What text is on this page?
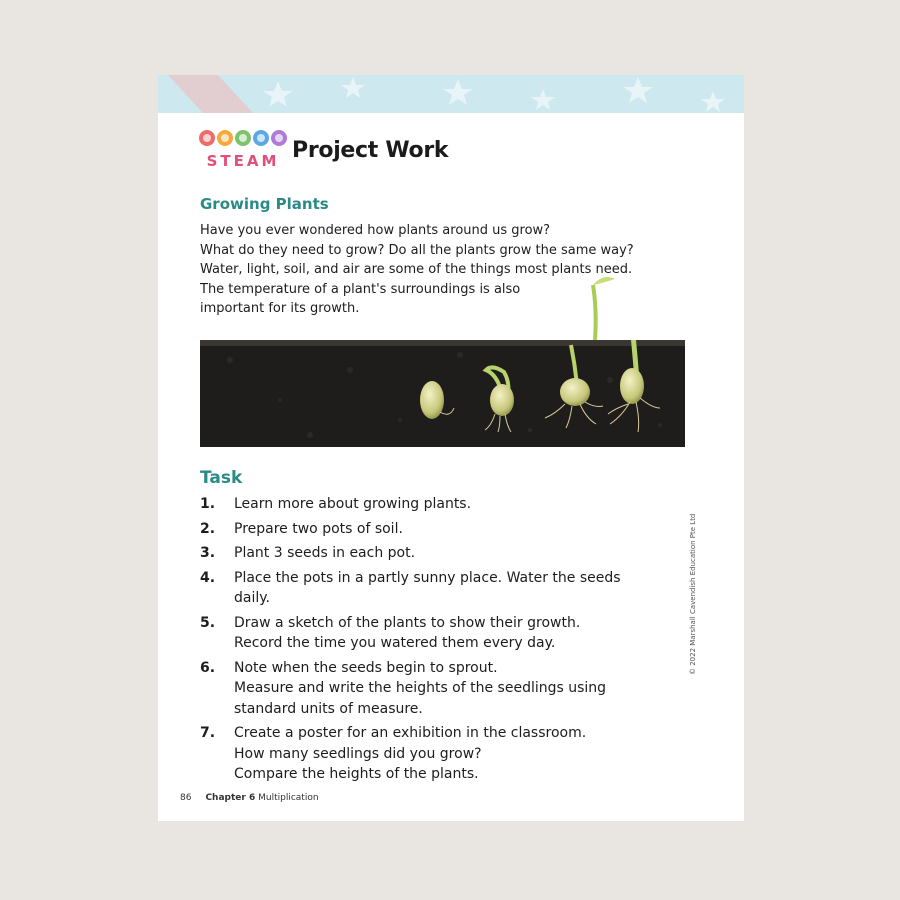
STEAM Project Work
Growing Plants
Have you ever wondered how plants around us grow?
What do they need to grow? Do all the plants grow the same way?
Water, light, soil, and air are some of the things most plants need.
The temperature of a plant's surroundings is also
important for its growth.
Task
1.	Learn more about growing plants.
2.	Prepare two pots of soil.
3.	Plant 3 seeds in each pot.
4.	Place the pots in a partly sunny place. Water the seeds
daily.
5.	Draw a sketch of the plants to show their growth.
Record the time you watered them every day.
6.	Note when the seeds begin to sprout.
Measure and write the heights of the seedlings using
standard units of measure.
7.	Create a poster for an exhibition in the classroom.
How many seedlings did you grow?
Compare the heights of the plants.
© 2022 Marshall Cavendish Education Pte Ltd
86 Chapter 6 Multiplication
